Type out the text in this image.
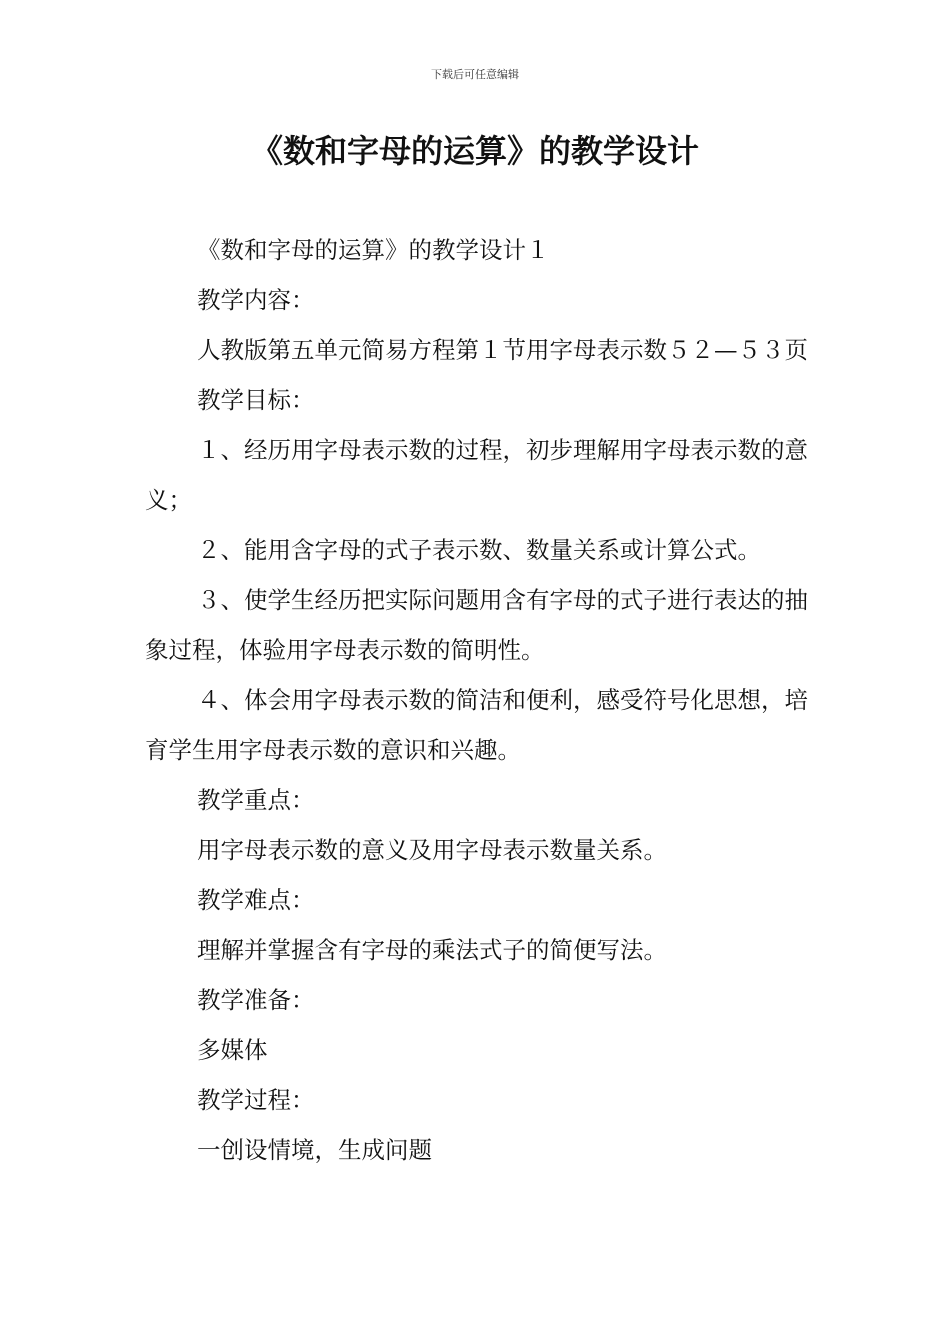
下载后可任意编辑
《数和字母的运算》的教学设计

《数和字母的运算》的教学设计１

教学内容：

人教版第五单元简易方程第１节用字母表示数５２—５３页

教学目标：

１、经历用字母表示数的过程，初步理解用字母表示数的意义；

２、能用含字母的式子表示数、数量关系或计算公式。

３、使学生经历把实际问题用含有字母的式子进行表达的抽象过程，体验用字母表示数的简明性。

４、体会用字母表示数的简洁和便利，感受符号化思想，培育学生用字母表示数的意识和兴趣。

教学重点：

用字母表示数的意义及用字母表示数量关系。

教学难点：

理解并掌握含有字母的乘法式子的简便写法。

教学准备：

多媒体

教学过程：

一创设情境，生成问题
